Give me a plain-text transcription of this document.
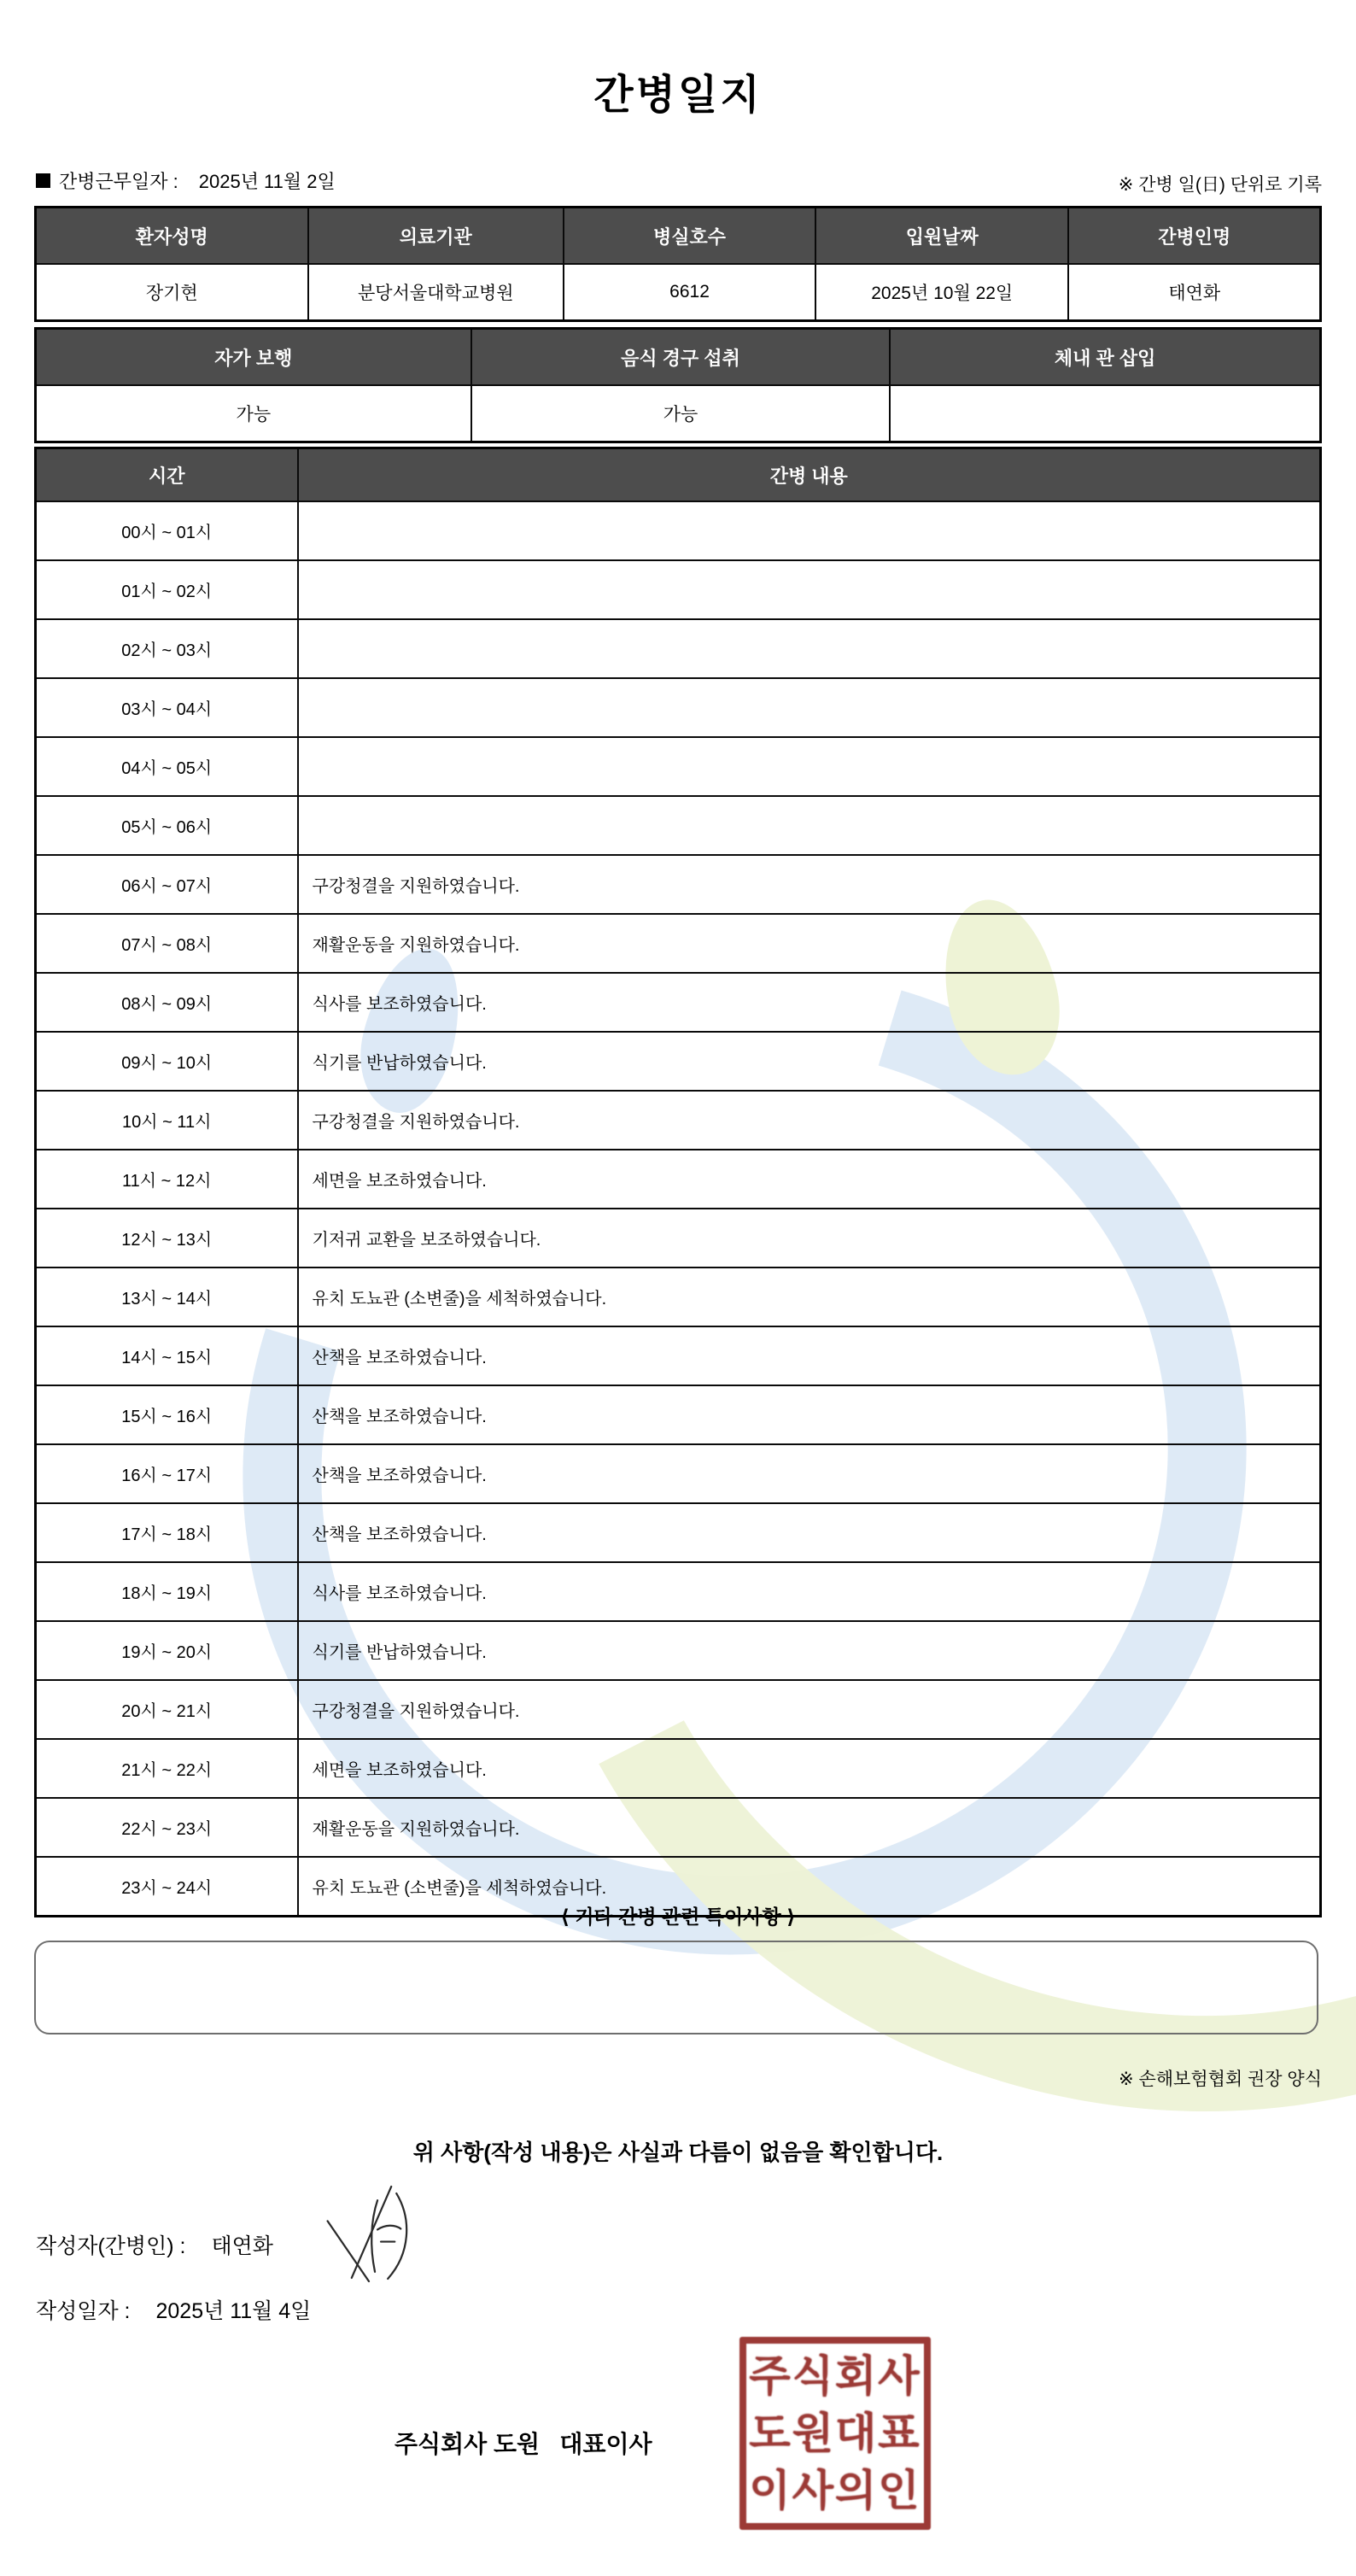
간병일지
간병근무일자 : 2025년 11월 2일	※ 간병 일(日) 단위로 기록
환자성명	의료기관	병실호수	입원날짜	간병인명
장기현	분당서울대학교병원	6612	2025년 10월 22일	태연화
자가 보행	음식 경구 섭취	체내 관 삽입
가능	가능	
시간	간병 내용
00시 ~ 01시	
01시 ~ 02시	
02시 ~ 03시	
03시 ~ 04시	
04시 ~ 05시	
05시 ~ 06시	
06시 ~ 07시	구강청결을 지원하였습니다.
07시 ~ 08시	재활운동을 지원하였습니다.
08시 ~ 09시	식사를 보조하였습니다.
09시 ~ 10시	식기를 반납하였습니다.
10시 ~ 11시	구강청결을 지원하였습니다.
11시 ~ 12시	세면을 보조하였습니다.
12시 ~ 13시	기저귀 교환을 보조하였습니다.
13시 ~ 14시	유치 도뇨관 (소변줄)을 세척하였습니다.
14시 ~ 15시	산책을 보조하였습니다.
15시 ~ 16시	산책을 보조하였습니다.
16시 ~ 17시	산책을 보조하였습니다.
17시 ~ 18시	산책을 보조하였습니다.
18시 ~ 19시	식사를 보조하였습니다.
19시 ~ 20시	식기를 반납하였습니다.
20시 ~ 21시	구강청결을 지원하였습니다.
21시 ~ 22시	세면을 보조하였습니다.
22시 ~ 23시	재활운동을 지원하였습니다.
23시 ~ 24시	유치 도뇨관 (소변줄)을 세척하였습니다.
⟨ 기타 간병 관련 특이사항 ⟩
※ 손해보험협회 권장 양식
위 사항(작성 내용)은 사실과 다름이 없음을 확인합니다.
작성자(간병인) : 태연화
작성일자 : 2025년 11월 4일
주식회사 도원   대표이사
주식회사
도원대표
이사의인
